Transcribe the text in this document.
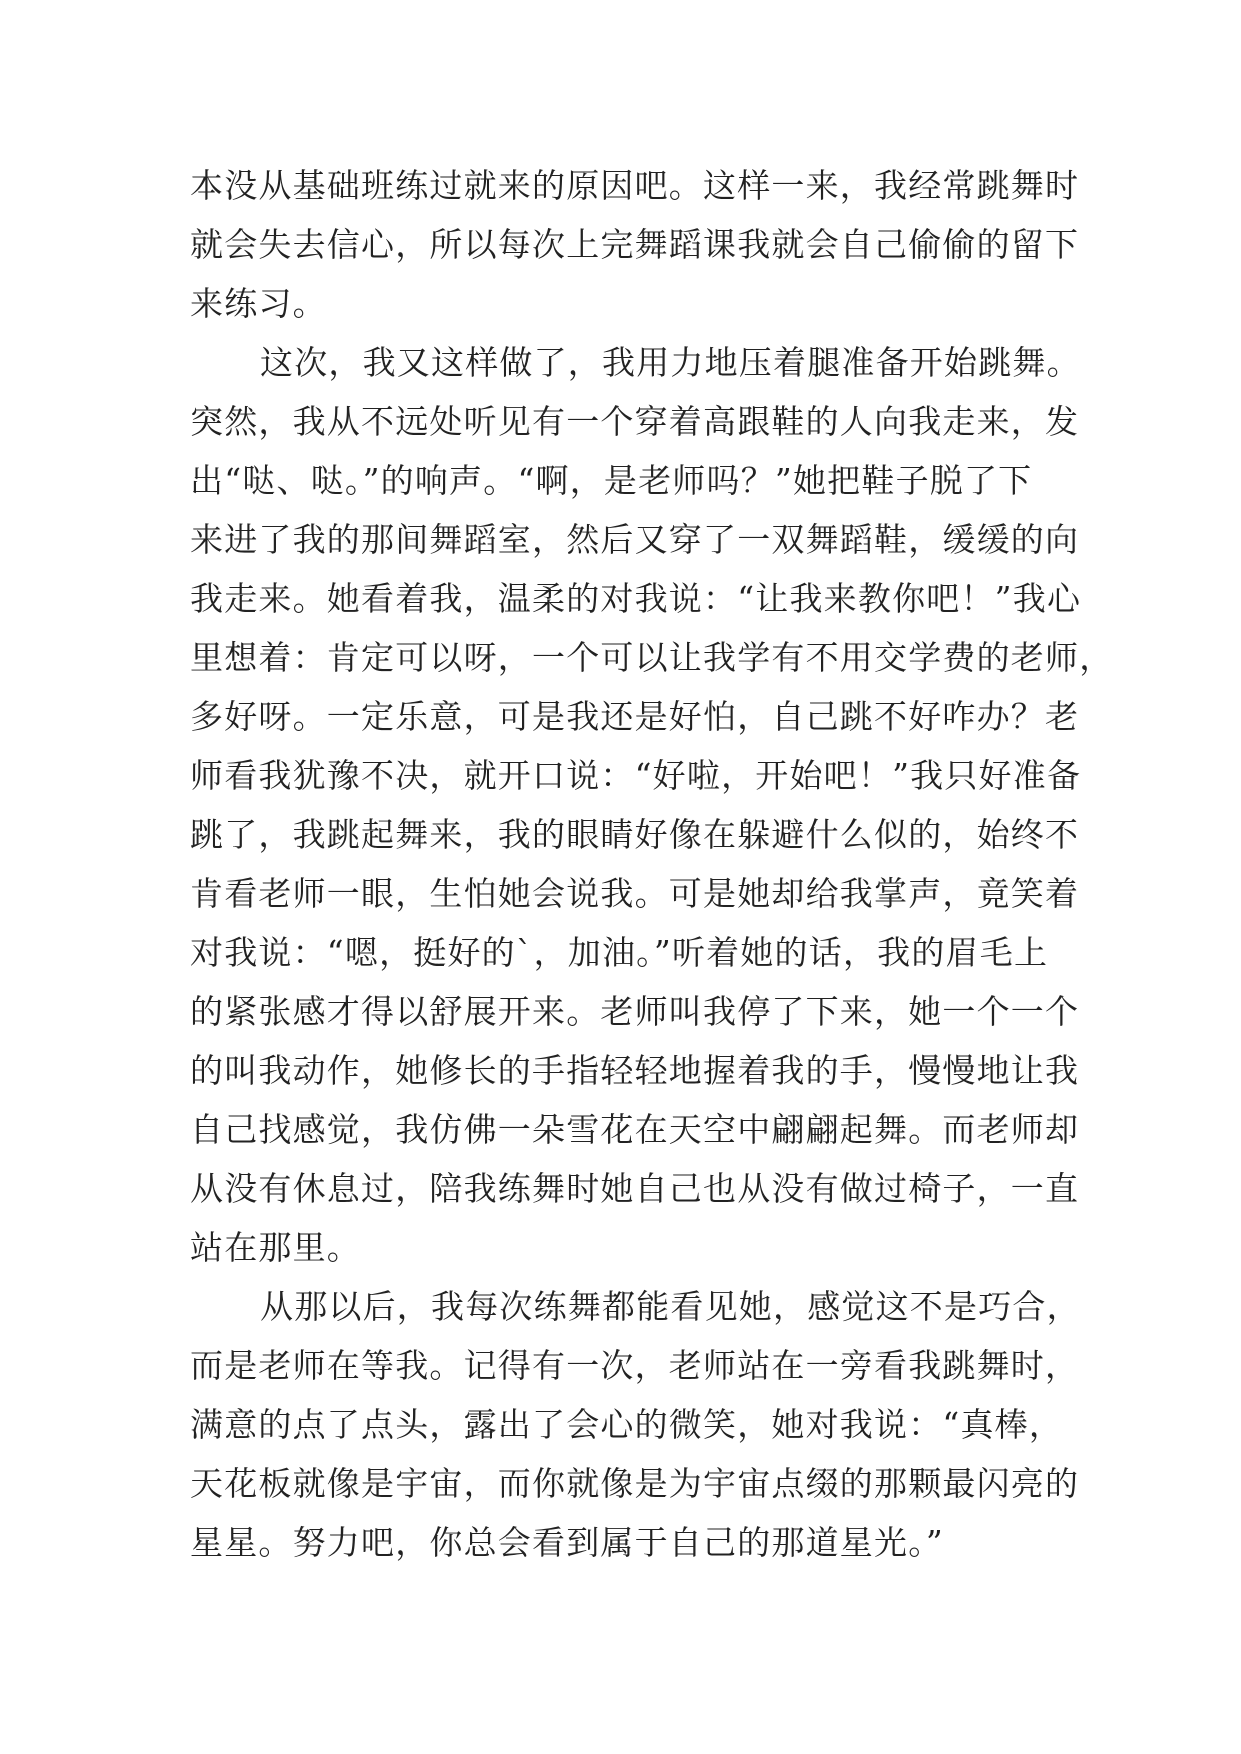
本没从基础班练过就来的原因吧。这样一来，我经常跳舞时
就会失去信心，所以每次上完舞蹈课我就会自己偷偷的留下
来练习。
这次，我又这样做了，我用力地压着腿准备开始跳舞。
突然，我从不远处听见有一个穿着高跟鞋的人向我走来，发
出“哒、哒。”的响声。“啊，是老师吗？”她把鞋子脱了下
来进了我的那间舞蹈室，然后又穿了一双舞蹈鞋，缓缓的向
我走来。她看着我，温柔的对我说：“让我来教你吧！”我心
里想着：肯定可以呀，一个可以让我学有不用交学费的老师，
多好呀。一定乐意，可是我还是好怕，自己跳不好咋办？老
师看我犹豫不决，就开口说：“好啦，开始吧！”我只好准备
跳了，我跳起舞来，我的眼睛好像在躲避什么似的，始终不
肯看老师一眼，生怕她会说我。可是她却给我掌声，竟笑着
对我说：“嗯，挺好的`，加油。”听着她的话，我的眉毛上
的紧张感才得以舒展开来。老师叫我停了下来，她一个一个
的叫我动作，她修长的手指轻轻地握着我的手，慢慢地让我
自己找感觉，我仿佛一朵雪花在天空中翩翩起舞。而老师却
从没有休息过，陪我练舞时她自己也从没有做过椅子，一直
站在那里。
从那以后，我每次练舞都能看见她，感觉这不是巧合，
而是老师在等我。记得有一次，老师站在一旁看我跳舞时，
满意的点了点头，露出了会心的微笑，她对我说：“真棒，
天花板就像是宇宙，而你就像是为宇宙点缀的那颗最闪亮的
星星。努力吧，你总会看到属于自己的那道星光。”
